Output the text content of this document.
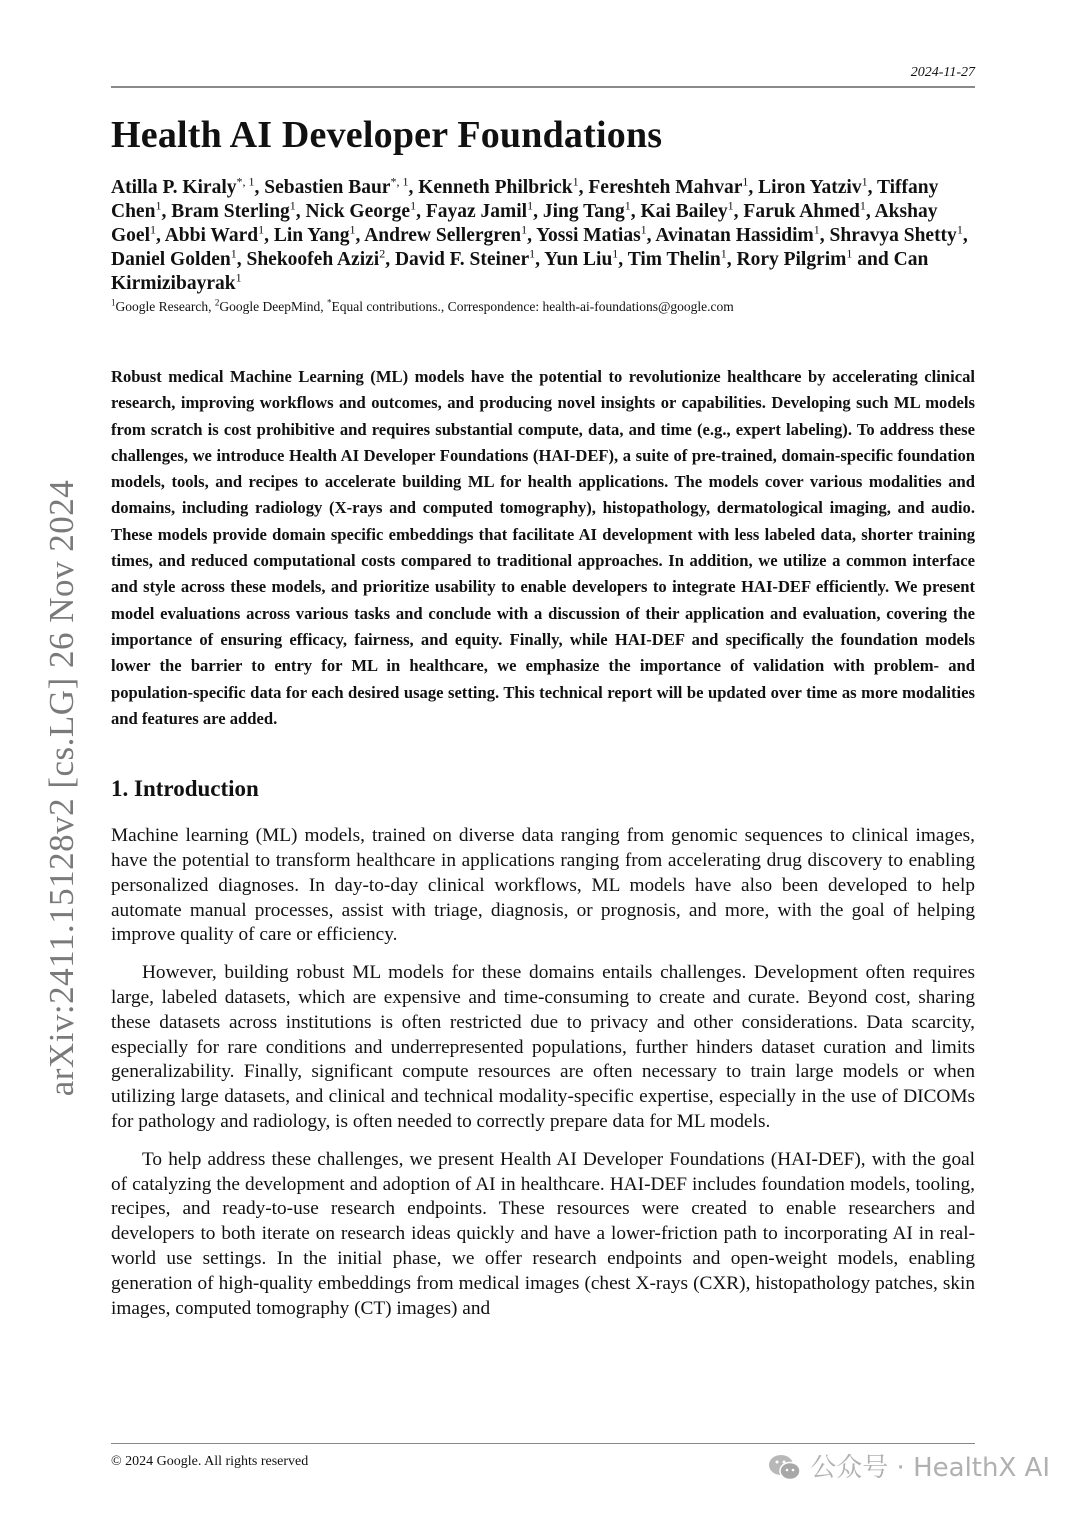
arXiv:2411.15128v2 [cs.LG] 26 Nov 2024
2024-11-27
Health AI Developer Foundations
Atilla P. Kiraly$^{*, 1}$, Sebastien Baur$^{*, 1}$, Kenneth Philbrick$^1$, Fereshteh Mahvar$^1$, Liron Yatziv$^1$, Tiffany Chen$^1$, Bram Sterling$^1$, Nick George$^1$, Fayaz Jamil$^1$, Jing Tang$^1$, Kai Bailey$^1$, Faruk Ahmed$^1$, Akshay Goel$^1$, Abbi Ward$^1$, Lin Yang$^1$, Andrew Sellergren$^1$, Yossi Matias$^1$, Avinatan Hassidim$^1$, Shravya Shetty$^1$, Daniel Golden$^1$, Shekoofeh Azizi$^2$, David F. Steiner$^1$, Yun Liu$^1$, Tim Thelin$^1$, Rory Pilgrim$^1$ and Can Kirmizibayrak$^1$
$^1$Google Research, $^2$Google DeepMind, *Equal contributions., Correspondence: health-ai-foundations@google.com

Robust medical Machine Learning (ML) models have the potential to revolutionize healthcare by accelerating clinical research, improving workflows and outcomes, and producing novel insights or capabilities. Developing such ML models from scratch is cost prohibitive and requires substantial compute, data, and time (e.g., expert labeling). To address these challenges, we introduce Health AI Developer Foundations (HAI-DEF), a suite of pre-trained, domain-specific foundation models, tools, and recipes to accelerate building ML for health applications. The models cover various modalities and domains, including radiology (X-rays and computed tomography), histopathology, dermatological imaging, and audio. These models provide domain specific embeddings that facilitate AI development with less labeled data, shorter training times, and reduced computational costs compared to traditional approaches. In addition, we utilize a common interface and style across these models, and prioritize usability to enable developers to integrate HAI-DEF efficiently. We present model evaluations across various tasks and conclude with a discussion of their application and evaluation, covering the importance of ensuring efficacy, fairness, and equity. Finally, while HAI-DEF and specifically the foundation models lower the barrier to entry for ML in healthcare, we emphasize the importance of validation with problem- and population-specific data for each desired usage setting. This technical report will be updated over time as more modalities and features are added.

1. Introduction

Machine learning (ML) models, trained on diverse data ranging from genomic sequences to clinical images, have the potential to transform healthcare in applications ranging from accelerating drug discovery to enabling personalized diagnoses. In day-to-day clinical workflows, ML models have also been developed to help automate manual processes, assist with triage, diagnosis, or prognosis, and more, with the goal of helping improve quality of care or efficiency.

However, building robust ML models for these domains entails challenges. Development often requires large, labeled datasets, which are expensive and time-consuming to create and curate. Beyond cost, sharing these datasets across institutions is often restricted due to privacy and other considerations. Data scarcity, especially for rare conditions and underrepresented populations, further hinders dataset curation and limits generalizability. Finally, significant compute resources are often necessary to train large models or when utilizing large datasets, and clinical and technical modality-specific expertise, especially in the use of DICOMs for pathology and radiology, is often needed to correctly prepare data for ML models.

To help address these challenges, we present Health AI Developer Foundations (HAI-DEF), with the goal of catalyzing the development and adoption of AI in healthcare. HAI-DEF includes foundation models, tooling, recipes, and ready-to-use research endpoints. These resources were created to enable researchers and developers to both iterate on research ideas quickly and have a lower-friction path to incorporating AI in real-world use settings. In the initial phase, we offer research endpoints and open-weight models, enabling generation of high-quality embeddings from medical images (chest X-rays (CXR), histopathology patches, skin images, computed tomography (CT) images) and

© 2024 Google. All rights reserved	公众号 · HealthX AI
